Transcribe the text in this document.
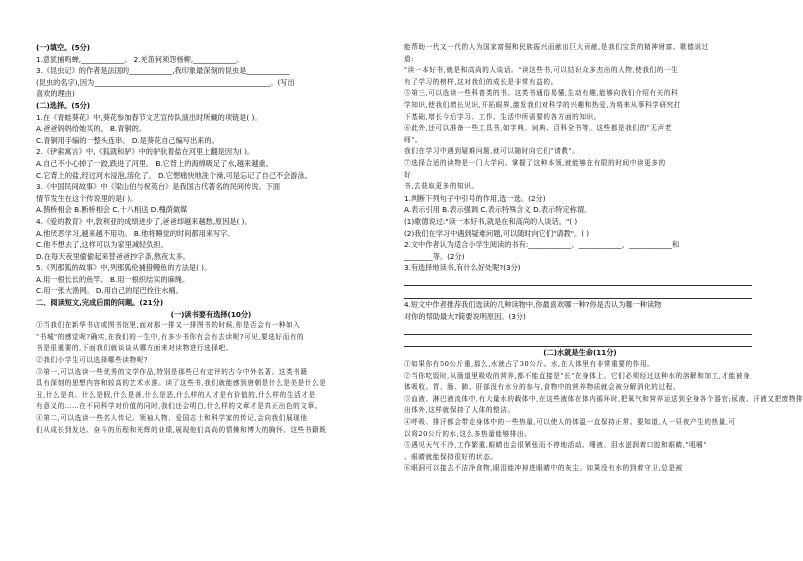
(一)填空。(5分)
1.意犹捕鸣蝉,____________。 2.羌笛何须怨杨柳,____________。
3.《昆虫记》的作者是法国的____________,我印象最深刻的昆虫是____________
(昆虫的名字),因为_________________________________________________。(写出
喜欢的理由)
(二)选择。(5分)
1.在《青蛙葵花》中,葵花参加春节文艺宣传队演出时所戴的项链是( )。
A.爸爸妈妈给她买的。 B.青铜的。
C.青铜用手编的一整头连串。 D.是葵花自己编写出来的。
2.《伊索寓言》中,《狐就和驴》中的驴驮着盐在河里上翻是因为( )。
A.自己不小心掉了一跤,跌进了河里。 B.它背上的海绵吸足了水,越来越重。
C.它背上的盐,经过河水浸泡,溶化了。 D.它想痛快地洗个澡,可是忘记了自己不会游泳。
3.《中国民间故事》中《梁山伯与祝英台》是我国古代著名的民间传说。下面
情节发生在这个传说里的是( )。
A.鹊桥相会 B.断桥相会 C.十八相送 D.槐荫做媒
4.《爱的教育》中,敦利亚的成绩进步了,爸爸却越来越愁,原因是( )。
A.他厌恶学习,越来越不用功。 B.他将睡觉的时间都用来写字。
C.他不想去了,这样可以为家里减轻负担。
D.在每天夜里偷偷起来替爸爸抄字条,熬夜太多。
5.《列那狐的故事》中,列那狐伦捕猎鳗鱼的方法是( )。
A.用一根长长的鱼竿。 B.用一根织结实的麻绳。
C.用一张大渔网。 D.用自己的尾巴拴住水桶。
二、阅读短文,完成后面的问题。(21分)
(一)读书要有选择(10分)
①当我们在新华书店或图书馆里,面对那一排又一排图书的时候,你是否会有一种如入
"书城"的感觉呢?确实,在我们的一生中,有多少书你有会有去读呢?可见,要选好而有的
书是很重要的,下面我们就谈谈从哪方面来对读物进行选择吧。
②我们小学生可以选择哪些读物呢?
③第一,可以选读一些优秀的文学作品,特别是那些已有定评的古今中外名著。这类书籍
具有深刻的思想内容和较高的艺术水准。读了这些书,我们就能感到唐朝是什么是美是什么是
丑,什么是真、什么是假,什么是善,什么是恶,什么样的人才是有价值的,什么样的生活才是
有意义的……在不同科学对价值的同时,我们还会明白,什么样的文章才是真正出色的文章。
④第二,可以选读一些名人传记。领袖人物、爱国志士和科学家的传记,会向我们展现他
们从成长到发达、奋斗的历程和光辉的业绩,展现他们高尚的情操和博大的胸怀。这些书籍既
能帮助一代又一代的人为国家富强和民族振兴而献出巨大贡献,是我们宝贵的精神财富。歌德说过
道:
"读一本好书,就是和高尚的人谈话。"读这些书,可以结识众多杰出的人物,使我们的一生
有了学习的榜样,这对我们的成长是非常有益的。
⑤第三,可以选读一些科普类的书。这类书通俗易懂,生动有趣,能够向我们介绍有关的科
学知识,使我们增长见识,开拓眼界,激发我们对科学的兴趣和热爱,为将来从事科学研究打
下基础,增长今后学习、工作、生活中所需要的各方面的知识。
⑥此外,还可以准备一些工具书,如字典、词典、百科全书等。这些都是我们的"无声老
师"。
我们在学习中遇到疑难问题,就可以随时向它们"请教"。
⑦选择合适的读物是一门大学问。掌握了这种本领,就能够在有限的时间中读更多的
好
书,去获取更多的知识。
1.判断下列句子中引号的作用,选一选。(2分)
A.表示引用 B.表示强调 C.表示特殊含义 D.表示特定称谓。
(1)歌德说过:"读一本好书,就是在和高尚的人谈话。"( )
(2)我们在学习中遇到疑难问题,可以随时向它们"请教"。( )
2.文中作者认为适合小学生阅读的书有:____________、____________、____________和
________等。(2分)
3.有选择地读书,有什么好处呢?(3分)
4.短文中作者推荐我们选读的几种读物中,你最喜欢哪一种?你是否认为哪一种读物
对你的帮助最大?简要说明原因。(3分)
(二)水就是生命(11分)
①如果你有50公斤重,那么,水就占了30公斤。水,在人体里有非常重要的作用。
②当你吃饭时,从肠道里吸收的营养,都不能直接是"长"在身体上。它们必须经过这种水的溶解和加工,才能被身
体吸收。胃、肠、肺、肝部没有水分的参与,食物中的营养物质就会被分解消化的过程。
③血液、淋巴液流体中,有大量水的载体中,在这些液体在体内循环时,把氧气和营养运送到全身各个器官;尿液、汗液又把废物排
出体外,这样就保持了人体的整洁。
④呼吸、排汗都会带走身体中的一些热量,可以使人的体温一直保持正常。要知道,人一昼夜产生的热量,可
以将20公斤的水,这么多热量能够排出。
⑤遇见天气不冷,工作繁重,眼睛也会很紧张而不停地活动。唾液、泪水滋润着口腔和眼睛,"咀嚼"
、眼睛就能保持很好的状态。
⑥眼洞可以接去不洁净食物,眼泪能冲掉进眼睛中的灰尘。如果没有水的到着守卫,总是被
